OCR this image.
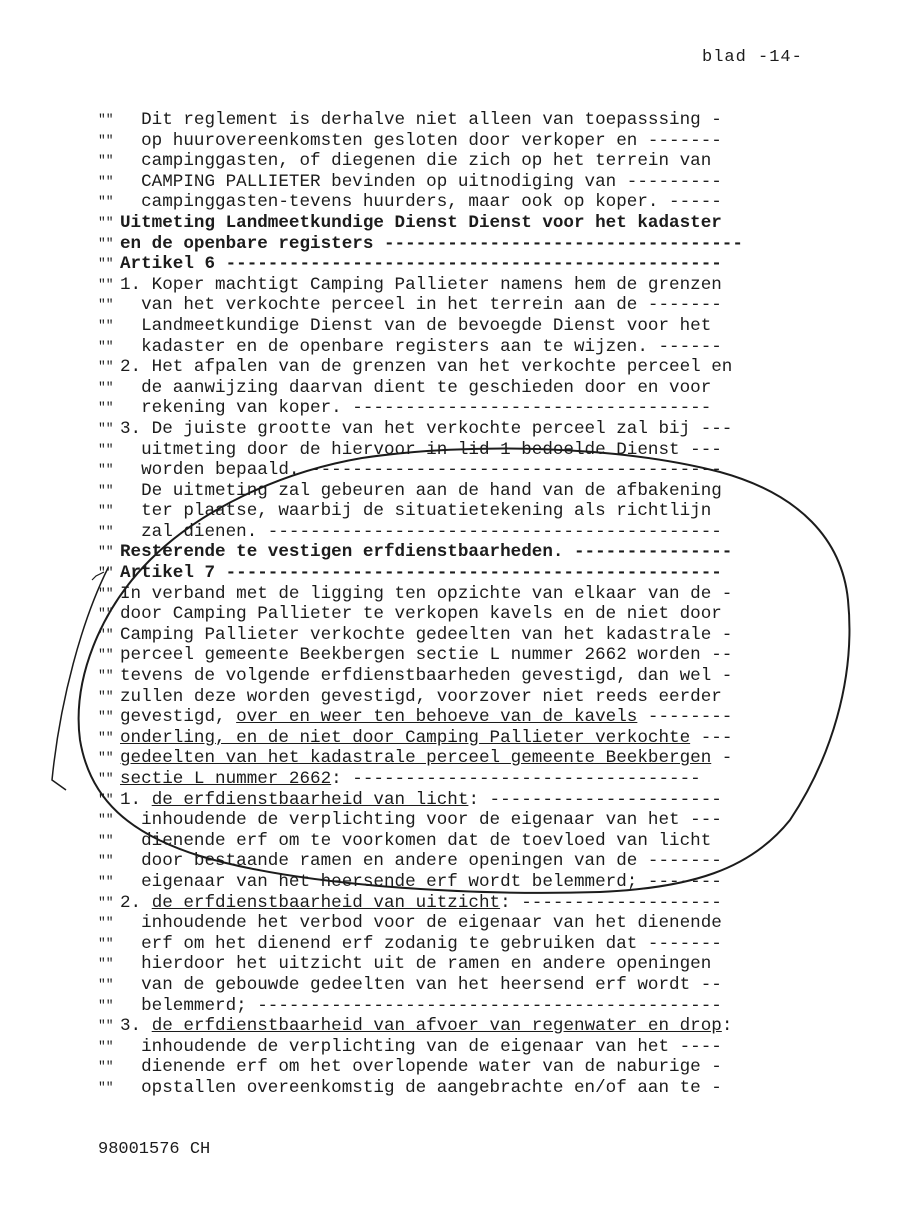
blad -14-
""  Dit reglement is derhalve niet alleen van toepasssing -
""  op huurovereenkomsten gesloten door verkoper en -------
""  campinggasten, of diegenen die zich op het terrein van
""  CAMPING PALLIETER bevinden op uitnodiging van ---------
""  campinggasten-tevens huurders, maar ook op koper. -----
"" Uitmeting Landmeetkundige Dienst Dienst voor het kadaster
"" en de openbare registers ----------------------------------
"" Artikel 6 -----------------------------------------------
"" 1. Koper machtigt Camping Pallieter namens hem de grenzen
""  van het verkochte perceel in het terrein aan de -------
""  Landmeetkundige Dienst van de bevoegde Dienst voor het
""  kadaster en de openbare registers aan te wijzen. ------
"" 2. Het afpalen van de grenzen van het verkochte perceel en
""  de aanwijzing daarvan dient te geschieden door en voor
""  rekening van koper. ----------------------------------
"" 3. De juiste grootte van het verkochte perceel zal bij ---
""  uitmeting door de hiervoor in lid 1 bedoelde Dienst ---
""  worden bepaald. ---------------------------------------
""  De uitmeting zal gebeuren aan de hand van de afbakening
""  ter plaatse, waarbij de situatietekening als richtlijn
""  zal dienen. -------------------------------------------
"" Resterende te vestigen erfdienstbaarheden. ---------------
"" Artikel 7 -----------------------------------------------
"" In verband met de ligging ten opzichte van elkaar van de -
"" door Camping Pallieter te verkopen kavels en de niet door
"" Camping Pallieter verkochte gedeelten van het kadastrale -
"" perceel gemeente Beekbergen sectie L nummer 2662 worden --
"" tevens de volgende erfdienstbaarheden gevestigd, dan wel -
"" zullen deze worden gevestigd, voorzover niet reeds eerder
"" gevestigd, over en weer ten behoeve van de kavels --------
"" onderling, en de niet door Camping Pallieter verkochte ---
"" gedeelten van het kadastrale perceel gemeente Beekbergen -
"" sectie L nummer 2662: ---------------------------------
"" 1. de erfdienstbaarheid van licht: ----------------------
""  inhoudende de verplichting voor de eigenaar van het ---
""  dienende erf om te voorkomen dat de toevloed van licht
""  door bestaande ramen en andere openingen van de -------
""  eigenaar van het heersende erf wordt belemmerd; -------
"" 2. de erfdienstbaarheid van uitzicht: -------------------
""  inhoudende het verbod voor de eigenaar van het dienende
""  erf om het dienend erf zodanig te gebruiken dat -------
""  hierdoor het uitzicht uit de ramen en andere openingen
""  van de gebouwde gedeelten van het heersend erf wordt --
""  belemmerd; --------------------------------------------
"" 3. de erfdienstbaarheid van afvoer van regenwater en drop:
""  inhoudende de verplichting van de eigenaar van het ----
""  dienende erf om het overlopende water van de naburige -
""  opstallen overeenkomstig de aangebrachte en/of aan te -
98001576 CH
